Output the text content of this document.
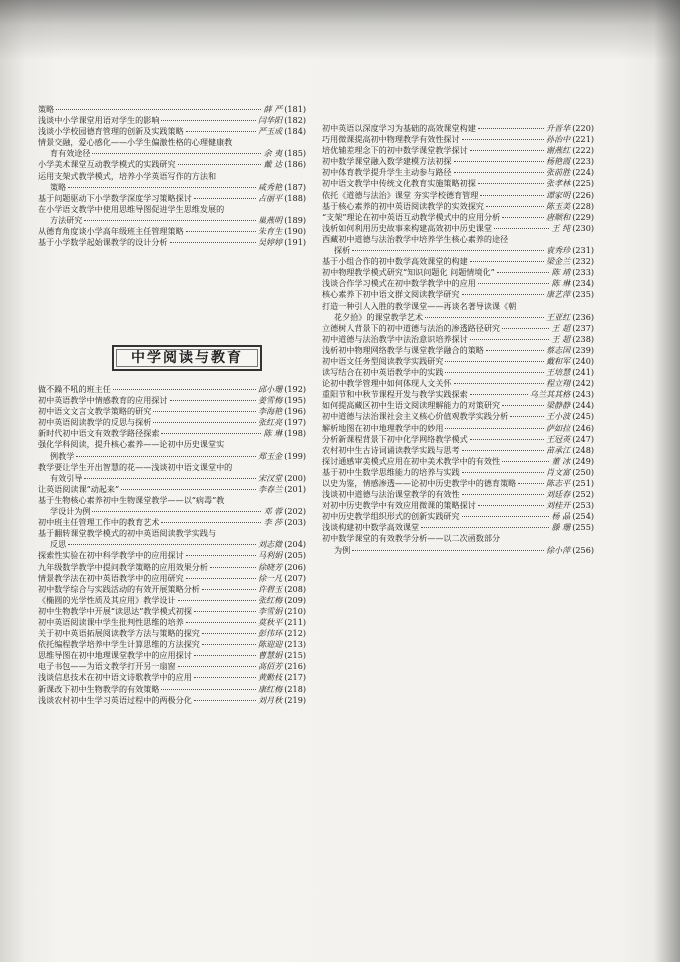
策略	薛 严 (181)
浅谈中小学课堂用语对学生的影响	闫华阳 (182)
浅谈小学校园德育管理的创新及实践策略	严玉成 (184)
情景交融，爱心感化——小学生偏激性格的心理健康教
育有效途径	余 夷 (185)
小学美术课堂互动教学模式的实践研究	戴 达 (186)
运用支架式教学模式，培养小学英语写作的方法和
策略	咸秀艳 (187)
基于问题驱动下小学数学深度学习策略探讨	占丽平 (188)
在小学语文教学中使用思维导图促进学生思维发展的
方法研究	巢燕明 (189)
从德育角度谈小学高年级班主任管理策略	朱育生 (190)
基于小学数学起始课教学的设计分析	吴婷婷 (191)
中学阅读与教育
做不躁不吼的班主任	邱小珊 (192)
初中英语教学中情感教育的应用探讨	姜雪梅 (195)
初中语文文言文教学策略的研究	李海艳 (196)
初中英语阅读教学的反思与探析	张红亮 (197)
新时代初中语文有效教学路径探索	陈 琳 (198)
强化学科阅读，提升核心素养——论初中历史课堂实
例教学	郑玉金 (199)
教学要让学生开出智慧的花——浅谈初中语文课堂中的
有效引导	宋汉堂 (200)
让英语阅读课“动起来”	李春兰 (201)
基于生物核心素养初中生物课堂教学——以“病毒”教
学设计为例	邓 蓉 (202)
初中班主任管理工作中的教育艺术	李 莎 (203)
基于翻转课堂教学模式的初中英语阅读教学实践与
反思	刘志微 (204)
探索性实验在初中科学教学中的应用探讨	马利娟 (205)
九年级数学教学中提问教学策略的应用效果分析	徐晓芳 (206)
情景教学法在初中英语教学中的应用研究	徐一凡 (207)
初中数学综合与实践活动的有效开展策略分析	许碧玉 (208)
《椭圆的光学性质及其应用》教学设计	张红梅 (209)
初中生物教学中开展“读思达”教学模式初探	李雪娟 (210)
初中英语阅读课中学生批判性思维的培养	莫秋平 (211)
关于初中英语拓展阅读教学方法与策略的探究	彭伟环 (212)
依托编程教学培养中学生计算思维的方法探究	陈迎迎 (213)
思维导图在初中地理课堂教学中的应用探讨	曹慧娟 (215)
电子书包——为语文教学打开另一扇窗	高佰芳 (216)
浅谈信息技术在初中语文诗歌教学中的应用	黄勤枝 (217)
新课改下初中生物教学的有效策略	康红梅 (218)
浅谈农村初中生学习英语过程中的两极分化	刘月秋 (219)
初中英语以深度学习为基础的高效课堂构建	升晋华 (220)
巧用微课提高初中物理教学有效性探讨	孙治中 (221)
培优辅差理念下的初中数学课堂教学探讨	谢燕红 (222)
初中数学课堂融入数学建模方法初探	杨艳霞 (223)
初中体育教学提升学生主动参与路径	张前胜 (224)
初中语文教学中传统文化教育实施策略初探	张孝林 (225)
依托《道德与法治》课堂 夯实学校德育管理	谭家明 (226)
基于核心素养的初中英语阅读教学的实效探究	陈玉美 (228)
“支架”理论在初中英语互动教学模式中的应用分析	唐顺和 (229)
浅析如何利用历史故事来构建高效初中历史课堂	王 纯 (230)
西藏初中道德与法治教学中培养学生核心素养的途径
探析	袁秀珍 (231)
基于小组合作的初中数学高效课堂的构建	梁金兰 (232)
初中物理教学模式研究“知识问题化 问题情境化”	陈 靖 (233)
浅谈合作学习模式在初中数学教学中的应用	陈 琳 (234)
核心素养下初中语文群文阅读教学研究	康艺萍 (235)
打造一种引人入胜的教学课堂——再谈名著导读课《朝
花夕拾》的课堂教学艺术	王亚红 (236)
立德树人背景下的初中道德与法治的渗透路径研究	王 超 (237)
初中道德与法治教学中法治意识培养探讨	王 超 (238)
浅析初中物理网络教学与课堂教学融合的策略	蔡志国 (239)
初中语文任务型阅读教学实践研究	戴和军 (240)
读写结合在初中英语教学中的实践	王培慧 (241)
论初中教学管理中如何体现人文关怀	程立翔 (242)
重阳节和中秋节课程开发与教学实践探索	乌兰其其格 (243)
如何提高藏区初中生语文阅读理解能力的对策研究	梁静静 (244)
初中道德与法治课社会主义核心价值观教学实践分析	王小波 (245)
解析地图在初中地理教学中的妙用	萨如拉 (246)
分析新课程背景下初中化学网络教学模式	王冠英 (247)
农村初中生古诗词诵读教学实践与思考	苗承江 (248)
探讨通感审美模式应用在初中美术教学中的有效性	董 冰 (249)
基于初中生数学思维能力的培养与实践	肖文富 (250)
以史为鉴，情感渗透——论初中历史教学中的德育策略	陈志平 (251)
浅谈初中道德与法治课堂教学的有效性	刘廷春 (252)
对初中历史教学中有效应用微课的策略探讨	刘桂开 (253)
初中历史教学组织形式的创新实践研究	杨 晶 (254)
浅谈构建初中数学高效课堂	滕 珊 (255)
初中数学课堂的有效教学分析——以二次函数部分
为例	徐小萍 (256)
